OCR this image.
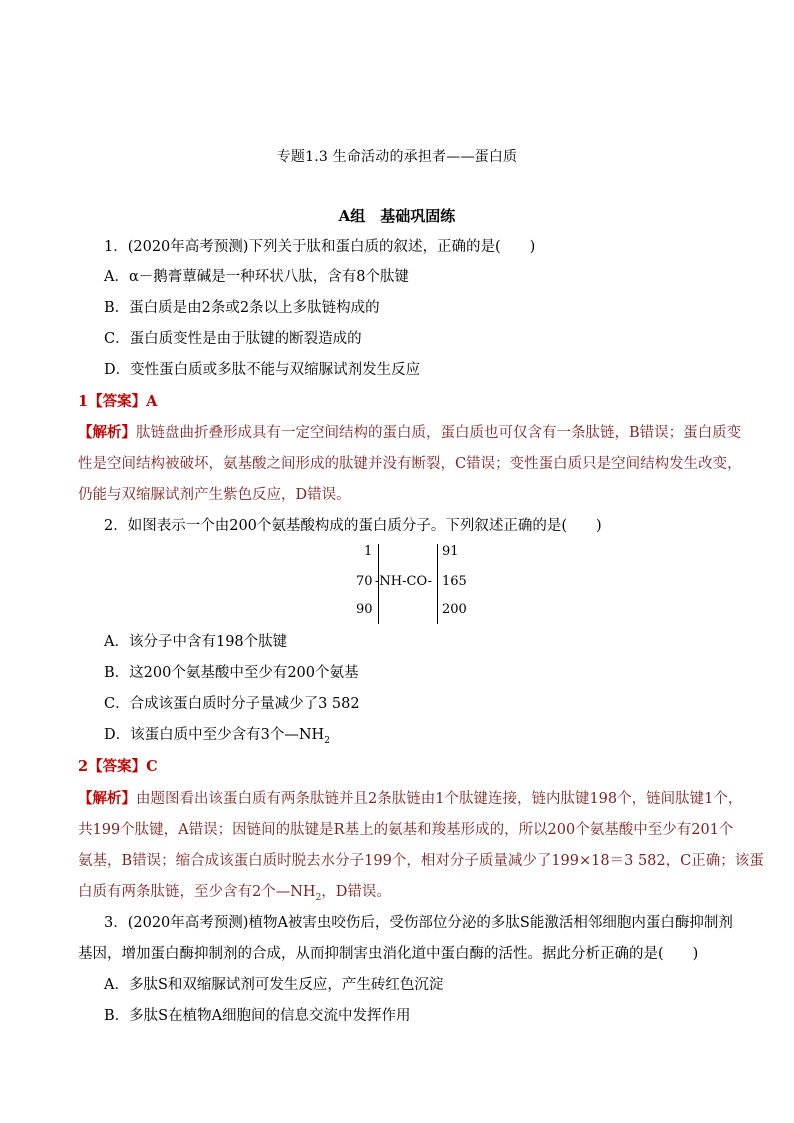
专题1.3 生命活动的承担者——蛋白质
A组　基础巩固练
1．(2020年高考预测)下列关于肽和蛋白质的叙述，正确的是(　　)
A．α－鹅膏蕈碱是一种环状八肽，含有8个肽键
B．蛋白质是由2条或2条以上多肽链构成的
C．蛋白质变性是由于肽键的断裂造成的
D．变性蛋白质或多肽不能与双缩脲试剂发生反应
1【答案】A
【解析】肽链盘曲折叠形成具有一定空间结构的蛋白质，蛋白质也可仅含有一条肽链，B错误；蛋白质变
性是空间结构被破坏，氨基酸之间形成的肽键并没有断裂，C错误；变性蛋白质只是空间结构发生改变，
仍能与双缩脲试剂产生紫色反应，D错误。
2．如图表示一个由200个氨基酸构成的蛋白质分子。下列叙述正确的是(　　)
1
70
90
-NH-CO-
91
165
200
A．该分子中含有198个肽键
B．这200个氨基酸中至少有200个氨基
C．合成该蛋白质时分子量减少了3 582
D．该蛋白质中至少含有3个$—NH_2$
2【答案】C
【解析】由题图看出该蛋白质有两条肽链并且2条肽链由1个肽键连接，链内肽键198个，链间肽键1个，
共199个肽键，A错误；因链间的肽键是R基上的氨基和羧基形成的，所以200个氨基酸中至少有201个
氨基，B错误；缩合成该蛋白质时脱去水分子199个，相对分子质量减少了199×18＝3 582，C正确；该蛋
白质有两条肽链，至少含有2个$—NH_2$，D错误。
3．(2020年高考预测)植物A被害虫咬伤后，受伤部位分泌的多肽S能激活相邻细胞内蛋白酶抑制剂
基因，增加蛋白酶抑制剂的合成，从而抑制害虫消化道中蛋白酶的活性。据此分析正确的是(　　)
A．多肽S和双缩脲试剂可发生反应，产生砖红色沉淀
B．多肽S在植物A细胞间的信息交流中发挥作用
